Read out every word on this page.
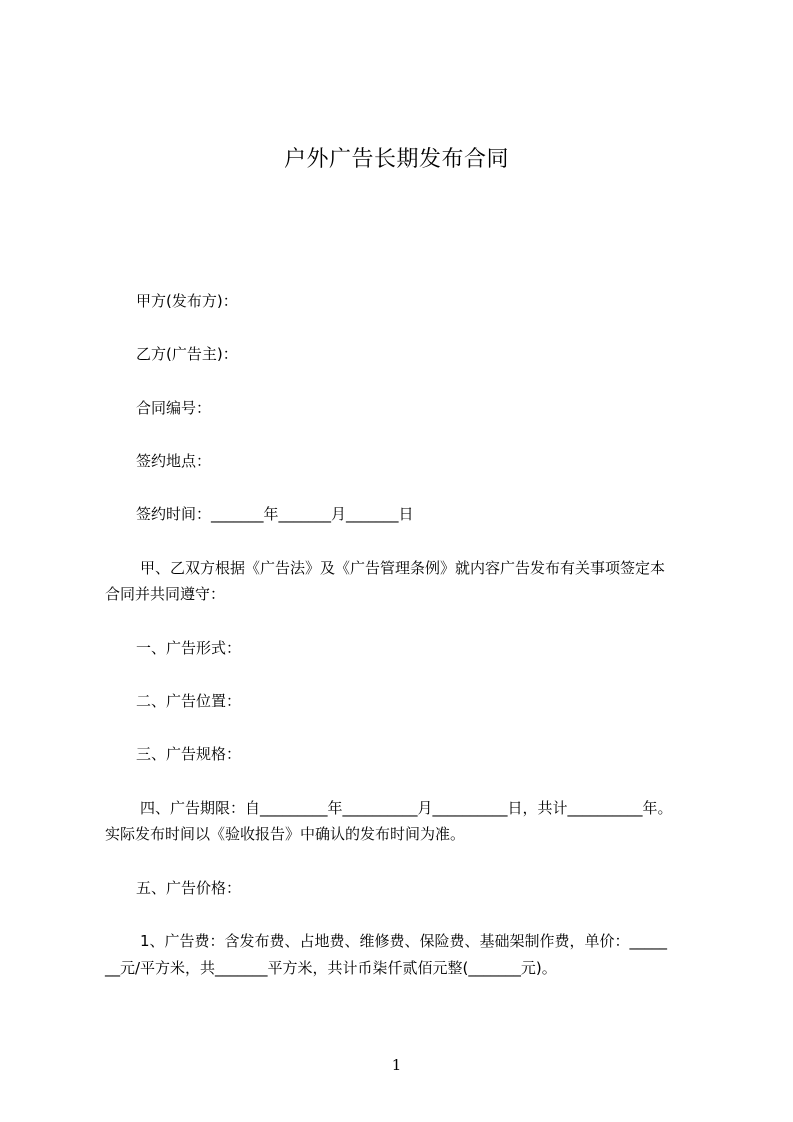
户外广告长期发布合同
甲方(发布方)：
乙方(广告主)：
合同编号：
签约地点：
签约时间：_______年_______月_______日
甲、乙双方根据《广告法》及《广告管理条例》就内容广告发布有关事项签定本
合同并共同遵守：
一、广告形式：
二、广告位置：
三、广告规格：
四、广告期限：自_________年__________月__________日，共计__________年。
实际发布时间以《验收报告》中确认的发布时间为准。
五、广告价格：
1、广告费：含发布费、占地费、维修费、保险费、基础架制作费，单价：_____
__元/平方米，共_______平方米，共计币柒仟贰佰元整(_______元)。
1
